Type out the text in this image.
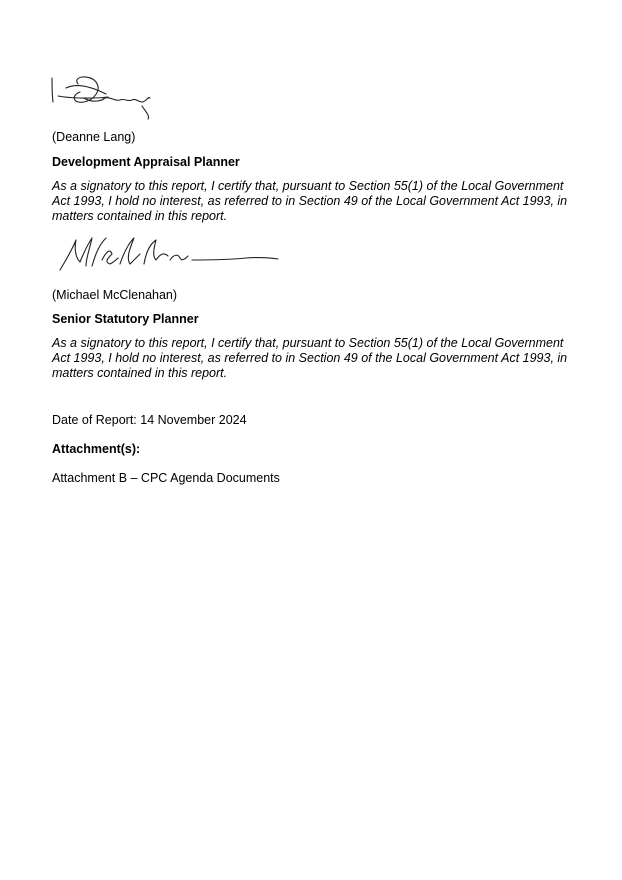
(Deanne Lang)
Development Appraisal Planner
As a signatory to this report, I certify that, pursuant to Section 55(1) of the Local Government Act 1993, I hold no interest, as referred to in Section 49 of the Local Government Act 1993, in matters contained in this report.
(Michael McClenahan)
Senior Statutory Planner
As a signatory to this report, I certify that, pursuant to Section 55(1) of the Local Government Act 1993, I hold no interest, as referred to in Section 49 of the Local Government Act 1993, in matters contained in this report.
Date of Report: 14 November 2024
Attachment(s):
Attachment B – CPC Agenda Documents
